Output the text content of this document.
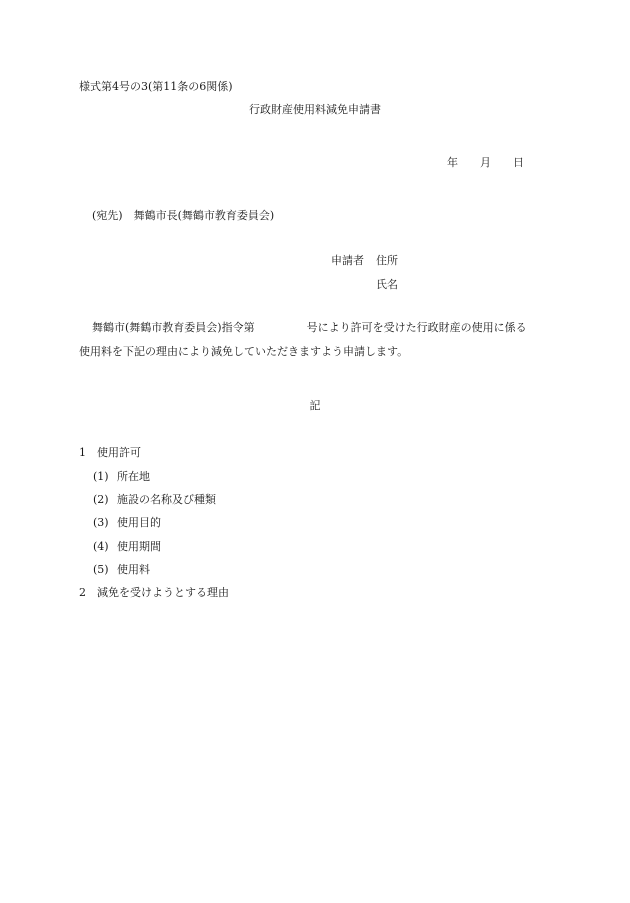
様式第4号の3(第11条の6関係)
行政財産使用料減免申請書
年 月 日
(宛先)　舞鶴市長(舞鶴市教育委員会)
申請者 住所
氏名
舞鶴市(舞鶴市教育委員会)指令第	号により許可を受けた行政財産の使用に係る
使用料を下記の理由により減免していただきますよう申請します。
記
1 使用許可
(1) 所在地
(2) 施設の名称及び種類
(3) 使用目的
(4) 使用期間
(5) 使用料
2 減免を受けようとする理由
